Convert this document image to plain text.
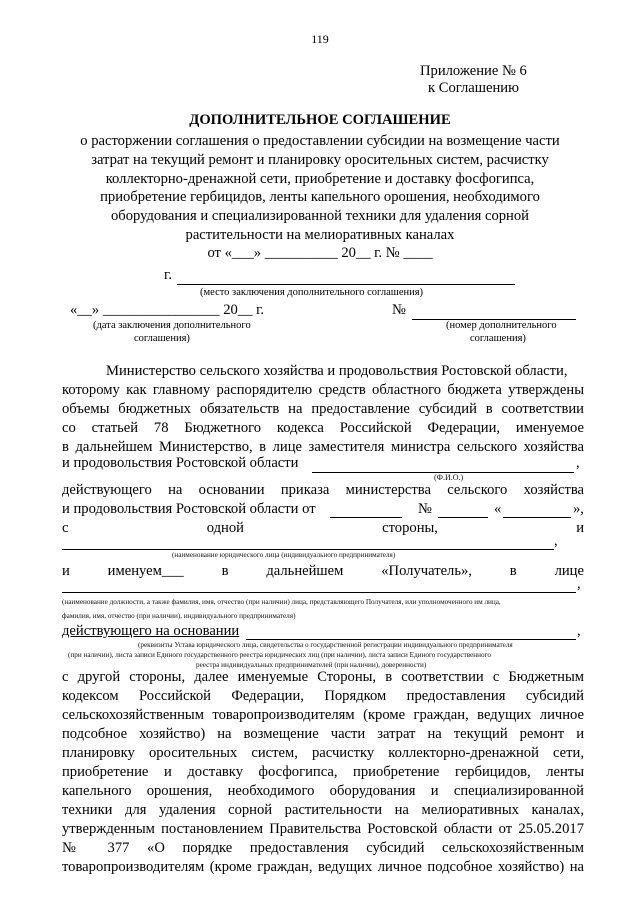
119
Приложение № 6
к Соглашению
ДОПОЛНИТЕЛЬНОЕ СОГЛАШЕНИЕ
о расторжении соглашения о предоставлении субсидии на возмещение части
затрат на текущий ремонт и планировку оросительных систем, расчистку
коллекторно-дренажной сети, приобретение и доставку фосфогипса,
приобретение гербицидов, ленты капельного орошения, необходимого
оборудования и специализированной техники для удаления сорной
растительности на мелиоративных каналах
от «___» __________ 20__ г. № ____
г.
(место заключения дополнительного соглашения)
«__» ________________ 20__ г.	№
(дата заключения дополнительного
соглашения)
(номер дополнительного
соглашения)
Министерство сельского хозяйства и продовольствия Ростовской области,
которому как главному распорядителю средств областного бюджета утверждены
объемы бюджетных обязательств на предоставление субсидий в соответствии
со статьей 78 Бюджетного кодекса Российской Федерации, именуемое
в дальнейшем Министерство, в лице заместителя министра сельского хозяйства
и продовольствия Ростовской области	,
(Ф.И.О.)
действующего на основании приказа министерства сельского хозяйства
и продовольствия Ростовской области от	№	«	»,
с	одной	стороны,	и
,
(наименование юридического лица (индивидуального предпринимателя)
и	именуем___	в	дальнейшем	«Получатель»,	в	лице
,
(наименование должности, а также фамилия, имя, отчество (при наличии) лица, представляющего Получателя, или уполномоченного им лица,
фамилия, имя, отчество (при наличии), индивидуального предпринимателя)
действующего на основании	,
(реквизиты Устава юридического лица, свидетельства о государственной регистрации индивидуального предпринимателя
(при наличии), листа записи Единого государственного реестра юридических лиц (при наличии), листа записи Единого государственного
реестра индивидуальных предпринимателей (при наличии), доверенности)
с другой стороны, далее именуемые Стороны, в соответствии с Бюджетным
кодексом Российской Федерации, Порядком предоставления субсидий
сельскохозяйственным товаропроизводителям (кроме граждан, ведущих личное
подсобное хозяйство) на возмещение части затрат на текущий ремонт и
планировку оросительных систем, расчистку коллекторно-дренажной сети,
приобретение и доставку фосфогипса, приобретение гербицидов, ленты
капельного орошения, необходимого оборудования и специализированной
техники для удаления сорной растительности на мелиоративных каналах,
утвержденным постановлением Правительства Ростовской области от 25.05.2017
№ 377 «О порядке предоставления субсидий сельскохозяйственным
товаропроизводителям (кроме граждан, ведущих личное подсобное хозяйство) на
